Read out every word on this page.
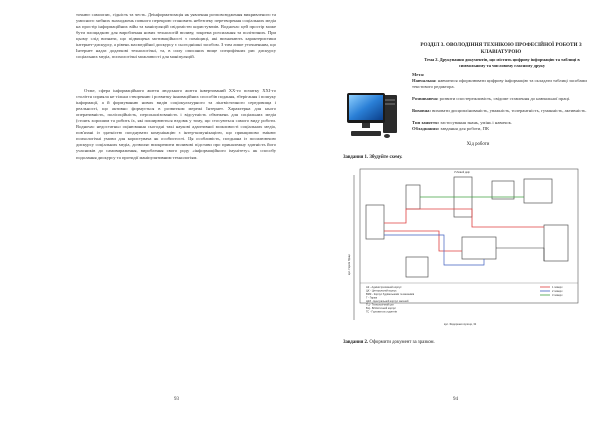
точнює самоопис, гідність та честь. Деінформатизація як уявлення розповсюдження викривленого та умисного хибних знаходжень повного перекрою становить небезпеку перетворення соціальних медіа на простір інформаційних війн та маніпуляцій свідомістю користувачів. Водночас цей простір може бути площадкою для вироблення нових технологій впливу, зокрема розсилання та політичних. При цьому слід визнати, що підвищена мотиваційності з поміщиці, які визначають характеристики інтернет-дискурсу, а рівень масмедійної дискурсу є сьогоднішні засобом. З тим лише уточненням, що Інтернет надає додаткові технологічні, та, в силу описаних вище специфічних рис дискурсу соціальних медіа, психологічні можливості для маніпуляцій.

Отже, сфера інформаційного життя людського життя інвертований ХХ-го початку ХХІ-го століття сприяла не тільки створенню і розвитку інноваційних способів подання, зберігання і пошуку інформації, а й формуванню нових видів соціокультурного та лінгвістичного середовища і реальності, що активно формується в розвитком мережі Інтернет. Характерна для нього оперативність, полісоційність, персоналізованість і відсутність обмежень для соціальних медіа (стоять хорошим та робить їх, які поширюються вздовж у тому, що стосуються самого виду роботи. Водночас недостатньо оцінювання сьогодні такі наукові адаптивної можливості соціальних медіа, пов'язані із здатністю поєднувати комунікацію з інтер-комунікацією, що принципово змінює психологічні умови для користувача як особистості. Ця особливість, поєднана із посилюючою дискурсу соціальних медіа, дозволяє виокремити впливові підстави про приналежну здатність його учасників до самовираження, вироблення свого роду «інформаційного імунітету» як способу подолання дискурсу та протидії маніпулятивним технологіям.

93

РОЗДІЛ 3. ОВОЛОДІННЯ ТЕХНІКОЮ ПРОФЕСІЙНОЇ РОБОТИ З КЛАВІАТУРОЮ

Тема 2. Друкування документів, що містять цифрову інформацію та таблиці в символьному та числовому гласному друку

Мета:

Навчальна: навчитися оформлювати цифрову інформацію та складати таблиці засобами текстового редактора.

Розвиваюча: розвити спостережливість, свідоме ставлення до навчальної праці.

Виховна: виховати дисциплінованість, уважність, толерантність, гуманність, активність.

Тип заняття: застосування знань, умінь і навичок.

Обладнання: завдання для роботи, ПК

Хід роботи

Завдання 1. Збудуйте схему.

вул. Героїв Праці
Учбовий двір
АК - Адміністративний корпус
ЦК - Центральний корпус
ВМК - Корпус будівельників та механіків
Г - Гараж
ЦКЗ - Центральний корпус заочний
ТЦ - Технологічний цех
БЦ - Бібліотечний корпус
ГС - Гуртожиток студентів
1 поверх
2 поверх
3 поверх
вул. Федоренко вулиця, 32

Завдання 2. Оформити документ за зразком.

94
